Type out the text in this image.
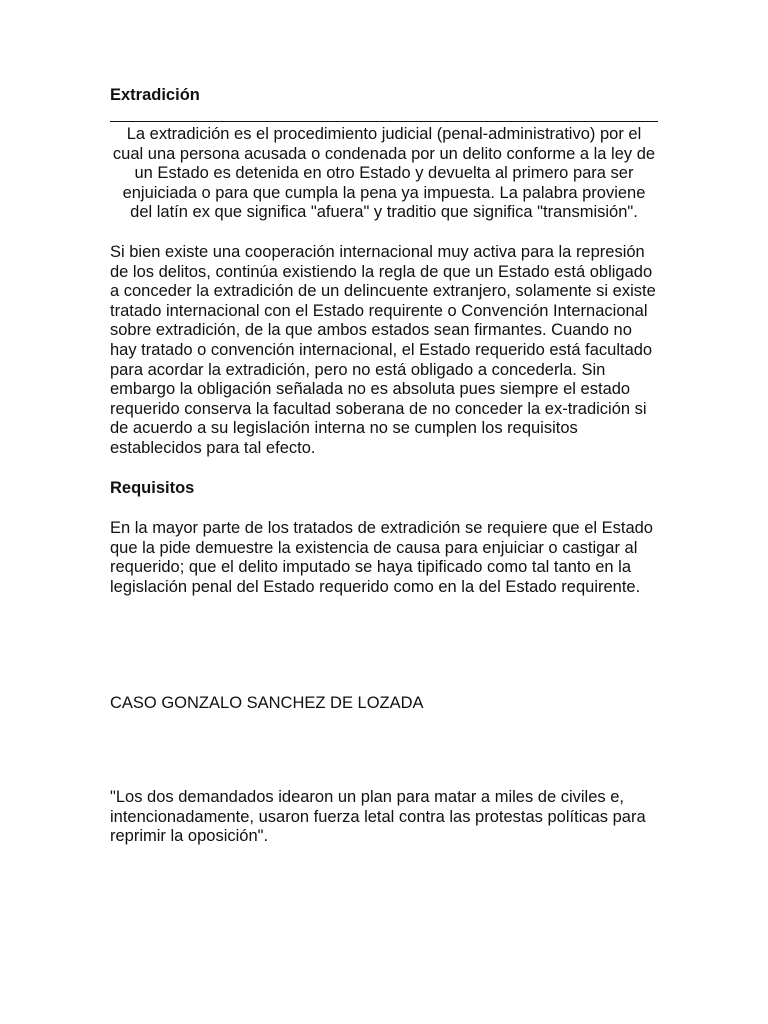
Extradición

La extradición es el procedimiento judicial (penal-administrativo) por el cual una persona acusada o condenada por un delito conforme a la ley de un Estado es detenida en otro Estado y devuelta al primero para ser enjuiciada o para que cumpla la pena ya impuesta. La palabra proviene del latín ex que significa "afuera" y traditio que significa "transmisión".

Si bien existe una cooperación internacional muy activa para la represión de los delitos, continúa existiendo la regla de que un Estado está obligado a conceder la extradición de un delincuente extranjero, solamente si existe tratado internacional con el Estado requirente o Convención Internacional sobre extradición, de la que ambos estados sean firmantes. Cuando no hay tratado o convención internacional, el Estado requerido está facultado para acordar la extradición, pero no está obligado a concederla. Sin embargo la obligación señalada no es absoluta pues siempre el estado requerido conserva la facultad soberana de no conceder la ex-tradición si de acuerdo a su legislación interna no se cumplen los requisitos establecidos para tal efecto.

Requisitos

En la mayor parte de los tratados de extradición se requiere que el Estado que la pide demuestre la existencia de causa para enjuiciar o castigar al requerido; que el delito imputado se haya tipificado como tal tanto en la legislación penal del Estado requerido como en la del Estado requirente.

CASO GONZALO SANCHEZ DE LOZADA

"Los dos demandados idearon un plan para matar a miles de civiles e, intencionadamente, usaron fuerza letal contra las protestas políticas para reprimir la oposición".
